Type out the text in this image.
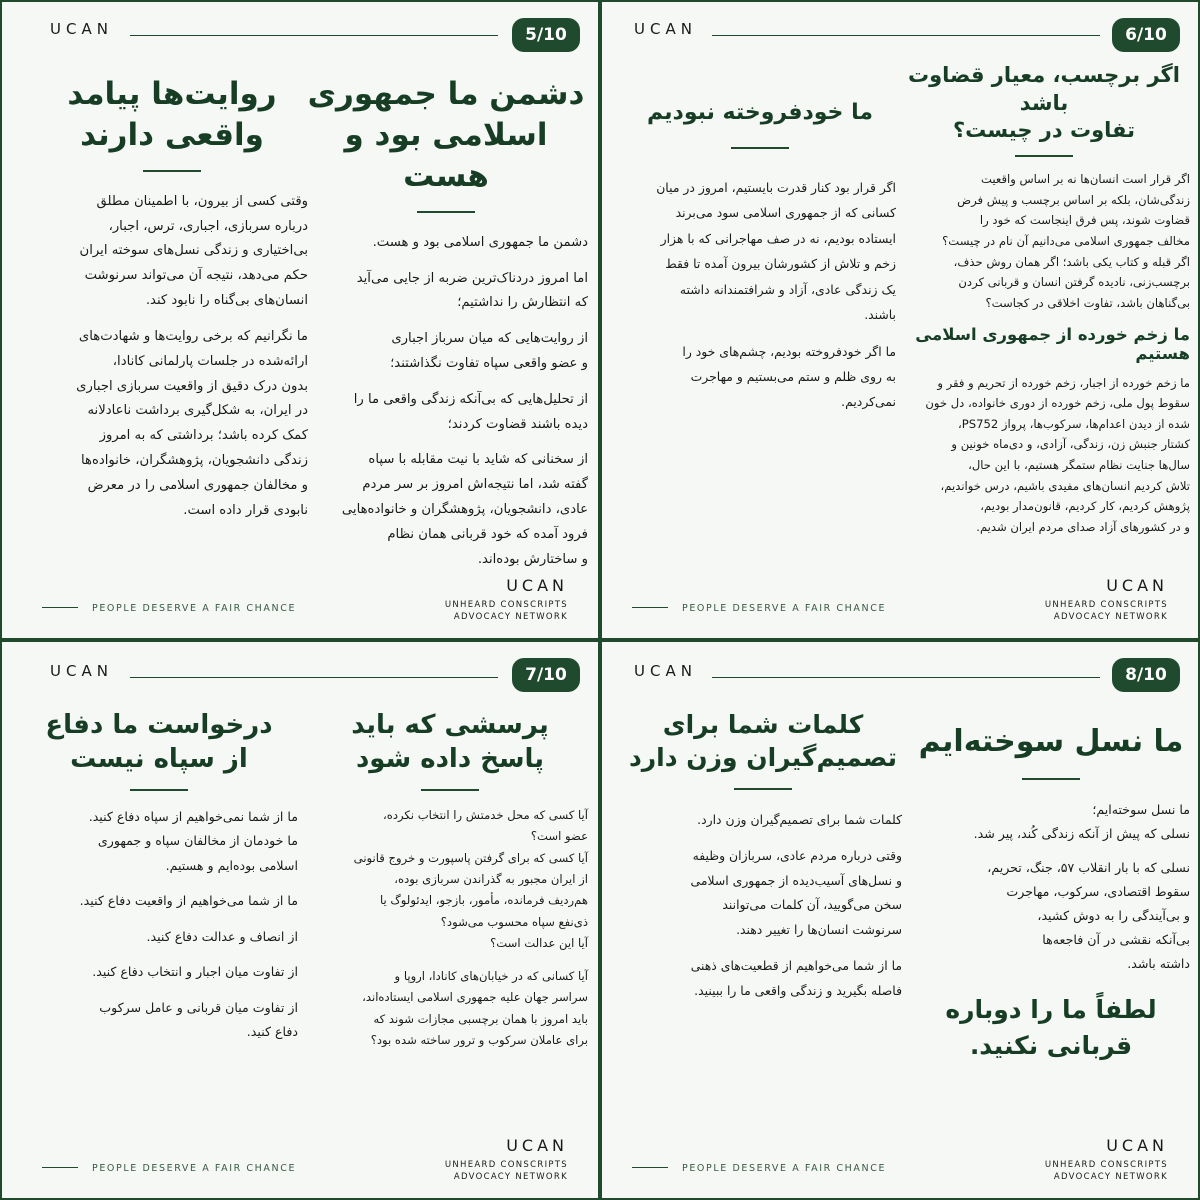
UCAN	5/10
دشمن ما جمهوری
اسلامی بود و هست

دشمن ما جمهوری اسلامی بود و هست.

اما امروز دردناک‌ترین ضربه از جایی می‌آید
که انتظارش را نداشتیم؛

از روایت‌هایی که میان سرباز اجباری
و عضو واقعی سپاه تفاوت نگذاشتند؛

از تحلیل‌هایی که بی‌آنکه زندگی واقعی ما را
دیده باشند قضاوت کردند؛

از سخنانی که شاید با نیت مقابله با سپاه
گفته شد، اما نتیجه‌اش امروز بر سر مردم
عادی، دانشجویان، پژوهشگران و خانواده‌هایی
فرود آمده که خود قربانی همان نظام
و ساختارش بوده‌اند.

روایت‌ها پیامد
واقعی دارند

وقتی کسی از بیرون، با اطمینان مطلق
درباره سربازی، اجباری، ترس، اجبار،
بی‌اختیاری و زندگی نسل‌های سوخته ایران
حکم می‌دهد، نتیجه آن می‌تواند سرنوشت
انسان‌های بی‌گناه را نابود کند.

ما نگرانیم که برخی روایت‌ها و شهادت‌های
ارائه‌شده در جلسات پارلمانی کانادا،
بدون درک دقیق از واقعیت سربازی اجباری
در ایران، به شکل‌گیری برداشت ناعادلانه
کمک کرده باشد؛ برداشتی که به امروز
زندگی دانشجویان، پژوهشگران، خانواده‌ها
و مخالفان جمهوری اسلامی را در معرض
نابودی قرار داده است.

PEOPLE DESERVE A FAIR CHANCE
UCAN
UNHEARD CONSCRIPTS
ADVOCACY NETWORK
UCAN	6/10
اگر برچسب، معیار قضاوت باشد
تفاوت در چیست؟

اگر قرار است انسان‌ها نه بر اساس واقعیت
زندگی‌شان، بلکه بر اساس برچسب و پیش فرض
قضاوت شوند، پس فرق اینجاست که خود را
مخالف جمهوری اسلامی می‌دانیم آن نام در چیست؟
اگر قبله و کتاب یکی باشد؛ اگر همان روش حذف،
برچسب‌زنی، نادیده گرفتن انسان و قربانی کردن
بی‌گناهان باشد، تفاوت اخلاقی در کجاست؟

ما زخم خورده از جمهوری اسلامی هستیم

ما زخم خورده از اجبار، زخم خورده از تحریم و فقر و
سقوط پول ملی، زخم خورده از دوری خانواده، دل خون
شده از دیدن اعدام‌ها، سرکوب‌ها، پرواز PS752،
کشتار جنبش زن، زندگی، آزادی، و دی‌ماه خونین و
سال‌ها جنایت نظام ستمگر هستیم، با این حال،
تلاش کردیم انسان‌های مفیدی باشیم، درس خواندیم،
پژوهش کردیم، کار کردیم، قانون‌مدار بودیم،
و در کشورهای آزاد صدای مردم ایران شدیم.

ما خودفروخته نبودیم

اگر قرار بود کنار قدرت بایستیم، امروز در میان
کسانی که از جمهوری اسلامی سود می‌برند
ایستاده بودیم، نه در صف مهاجرانی که با هزار
زخم و تلاش از کشورشان بیرون آمده تا فقط
یک زندگی عادی، آزاد و شرافتمندانه داشته
باشند.

ما اگر خودفروخته بودیم، چشم‌های خود را
به روی ظلم و ستم می‌بستیم و مهاجرت
نمی‌کردیم.

PEOPLE DESERVE A FAIR CHANCE
UCAN
UNHEARD CONSCRIPTS
ADVOCACY NETWORK
UCAN	7/10
پرسشی که باید
پاسخ داده شود

آیا کسی که محل خدمتش را انتخاب نکرده،
عضو است؟
آیا کسی که برای گرفتن پاسپورت و خروج قانونی
از ایران مجبور به گذراندن سربازی بوده،
هم‌ردیف فرمانده، مأمور، بازجو، ایدئولوگ یا
ذی‌نفع سپاه محسوب می‌شود؟
آیا این عدالت است؟

آیا کسانی که در خیابان‌های کانادا، اروپا و
سراسر جهان علیه جمهوری اسلامی ایستاده‌اند،
باید امروز با همان برچسبی مجازات شوند که
برای عاملان سرکوب و ترور ساخته شده بود؟

درخواست ما دفاع
از سپاه نیست

ما از شما نمی‌خواهیم از سپاه دفاع کنید.
ما خودمان از مخالفان سپاه و جمهوری
اسلامی بوده‌ایم و هستیم.

ما از شما می‌خواهیم از واقعیت دفاع کنید.

از انصاف و عدالت دفاع کنید.

از تفاوت میان اجبار و انتخاب دفاع کنید.

از تفاوت میان قربانی و عامل سرکوب
دفاع کنید.

PEOPLE DESERVE A FAIR CHANCE
UCAN
UNHEARD CONSCRIPTS
ADVOCACY NETWORK
UCAN	8/10
ما نسل سوخته‌ایم

ما نسل سوخته‌ایم؛
نسلی که پیش از آنکه زندگی کُند، پیر شد.

نسلی که با بار انقلاب ۵۷، جنگ، تحریم،
سقوط اقتصادی، سرکوب، مهاجرت
و بی‌آیندگی را به دوش کشید،
بی‌آنکه نقشی در آن فاجعه‌ها
داشته باشد.

لطفاً ما را دوباره
قربانی نکنید.
کلمات شما برای
تصمیم‌گیران وزن دارد

کلمات شما برای تصمیم‌گیران وزن دارد.

وقتی درباره مردم عادی، سربازان وظیفه
و نسل‌های آسیب‌دیده از جمهوری اسلامی
سخن می‌گویید، آن کلمات می‌توانند
سرنوشت انسان‌ها را تغییر دهند.

ما از شما می‌خواهیم از قطعیت‌های ذهنی
فاصله بگیرید و زندگی واقعی ما را ببینید.

PEOPLE DESERVE A FAIR CHANCE
UCAN
UNHEARD CONSCRIPTS
ADVOCACY NETWORK
